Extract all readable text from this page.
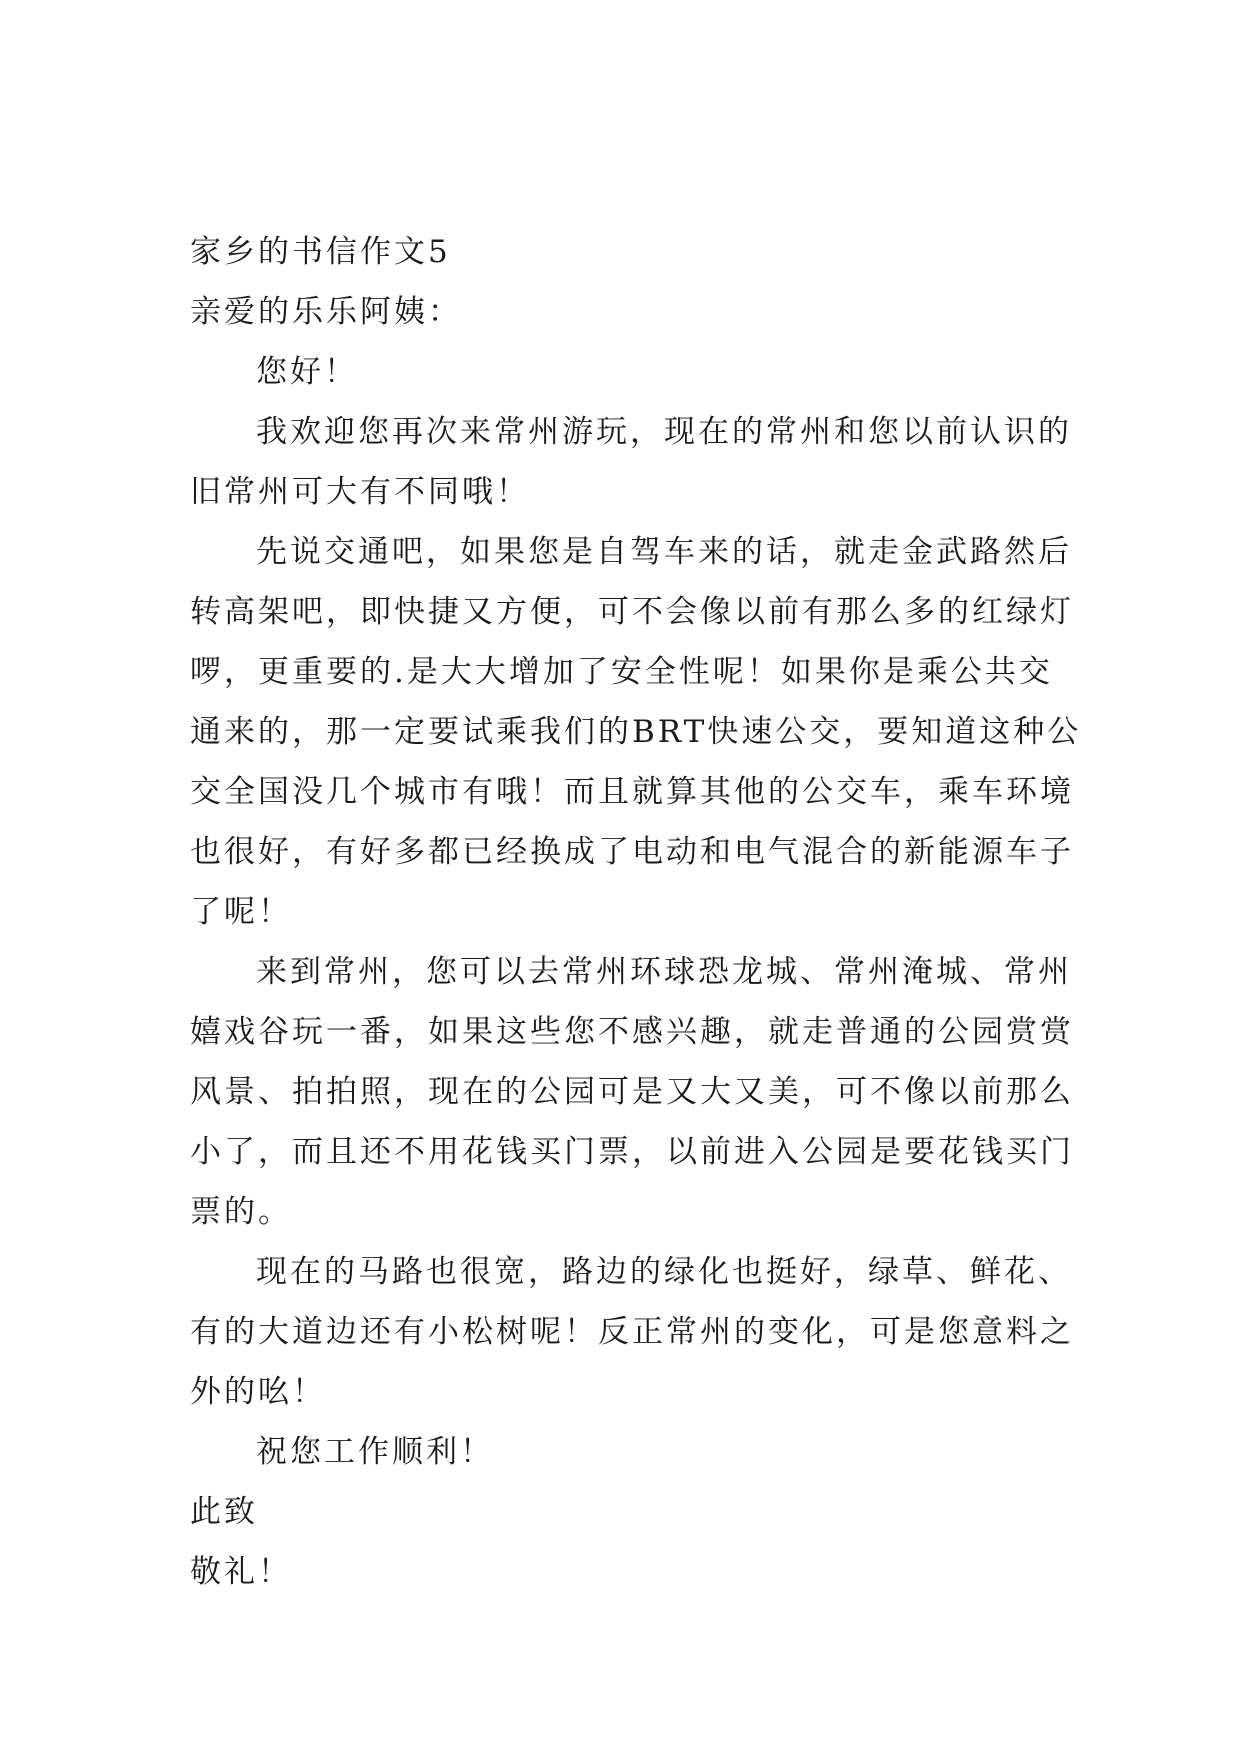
家乡的书信作文5
亲爱的乐乐阿姨：
您好！
我欢迎您再次来常州游玩，现在的常州和您以前认识的
旧常州可大有不同哦！
先说交通吧，如果您是自驾车来的话，就走金武路然后
转高架吧，即快捷又方便，可不会像以前有那么多的红绿灯
啰，更重要的.是大大增加了安全性呢！如果你是乘公共交
通来的，那一定要试乘我们的BRT快速公交，要知道这种公
交全国没几个城市有哦！而且就算其他的公交车，乘车环境
也很好，有好多都已经换成了电动和电气混合的新能源车子
了呢！
来到常州，您可以去常州环球恐龙城、常州淹城、常州
嬉戏谷玩一番，如果这些您不感兴趣，就走普通的公园赏赏
风景、拍拍照，现在的公园可是又大又美，可不像以前那么
小了，而且还不用花钱买门票，以前进入公园是要花钱买门
票的。
现在的马路也很宽，路边的绿化也挺好，绿草、鲜花、
有的大道边还有小松树呢！反正常州的变化，可是您意料之
外的吆！
祝您工作顺利！
此致
敬礼！
